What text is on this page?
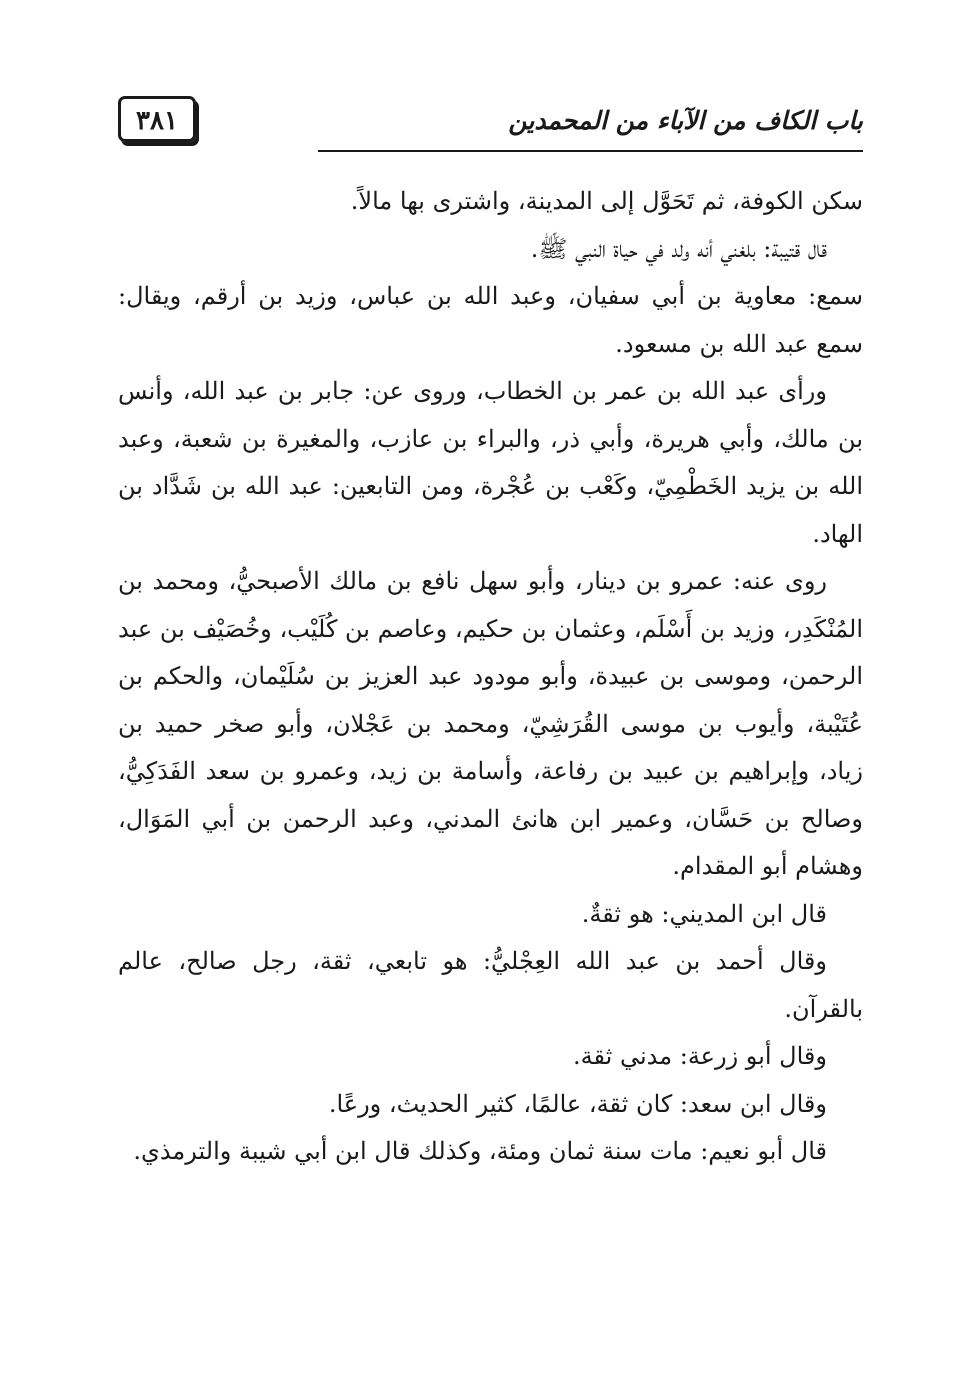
باب الكاف من الآباء من المحمدين
٣٨١

سكن الكوفة، ثم تَحَوَّل إلى المدينة، واشترى بها مالاً.

قال قتيبة: بلغني أنه ولد في حياة النبي ﷺ.

سمع: معاوية بن أبي سفيان، وعبد الله بن عباس، وزيد بن أرقم، ويقال: سمع عبد الله بن مسعود.

ورأى عبد الله بن عمر بن الخطاب، وروى عن: جابر بن عبد الله، وأنس بن مالك، وأبي هريرة، وأبي ذر، والبراء بن عازب، والمغيرة بن شعبة، وعبد الله بن يزيد الخَطْمِيّ، وكَعْب بن عُجْرة، ومن التابعين: عبد الله بن شَدَّاد بن الهاد.

روى عنه: عمرو بن دينار، وأبو سهل نافع بن مالك الأصبحيُّ، ومحمد بن المُنْكَدِر، وزيد بن أَسْلَم، وعثمان بن حكيم، وعاصم بن كُلَيْب، وخُصَيْف بن عبد الرحمن، وموسى بن عبيدة، وأبو مودود عبد العزيز بن سُلَيْمان، والحكم بن عُتَيْبة، وأيوب بن موسى القُرَشِيّ، ومحمد بن عَجْلان، وأبو صخر حميد بن زياد، وإبراهيم بن عبيد بن رفاعة، وأسامة بن زيد، وعمرو بن سعد الفَدَكِيُّ، وصالح بن حَسَّان، وعمير ابن هانئ المدني، وعبد الرحمن بن أبي المَوَال، وهشام أبو المقدام.

قال ابن المديني: هو ثقةٌ.

وقال أحمد بن عبد الله العِجْليُّ: هو تابعي، ثقة، رجل صالح، عالم بالقرآن.

وقال أبو زرعة: مدني ثقة.

وقال ابن سعد: كان ثقة، عالمًا، كثير الحديث، ورعًا.

قال أبو نعيم: مات سنة ثمان ومئة، وكذلك قال ابن أبي شيبة والترمذي.
